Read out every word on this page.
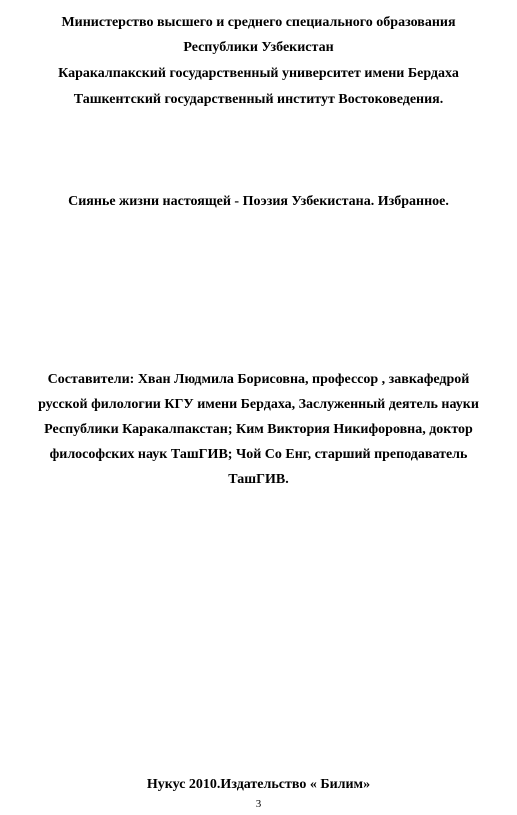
Министерство высшего и среднего специального образования
Республики Узбекистан
Каракалпакский государственный университет имени Бердаха
Ташкентский государственный институт Востоковедения.
Сиянье жизни настоящей - Поэзия Узбекистана. Избранное.
Составители: Хван Людмила Борисовна, профессор , завкафедрой
русской филологии КГУ имени Бердаха, Заслуженный деятель науки
Республики Каракалпакстан; Ким Виктория Никифоровна, доктор
философских наук ТашГИВ; Чой Со Енг, старший преподаватель
ТашГИВ.
Нукус 2010.Издательство « Билим»
3
